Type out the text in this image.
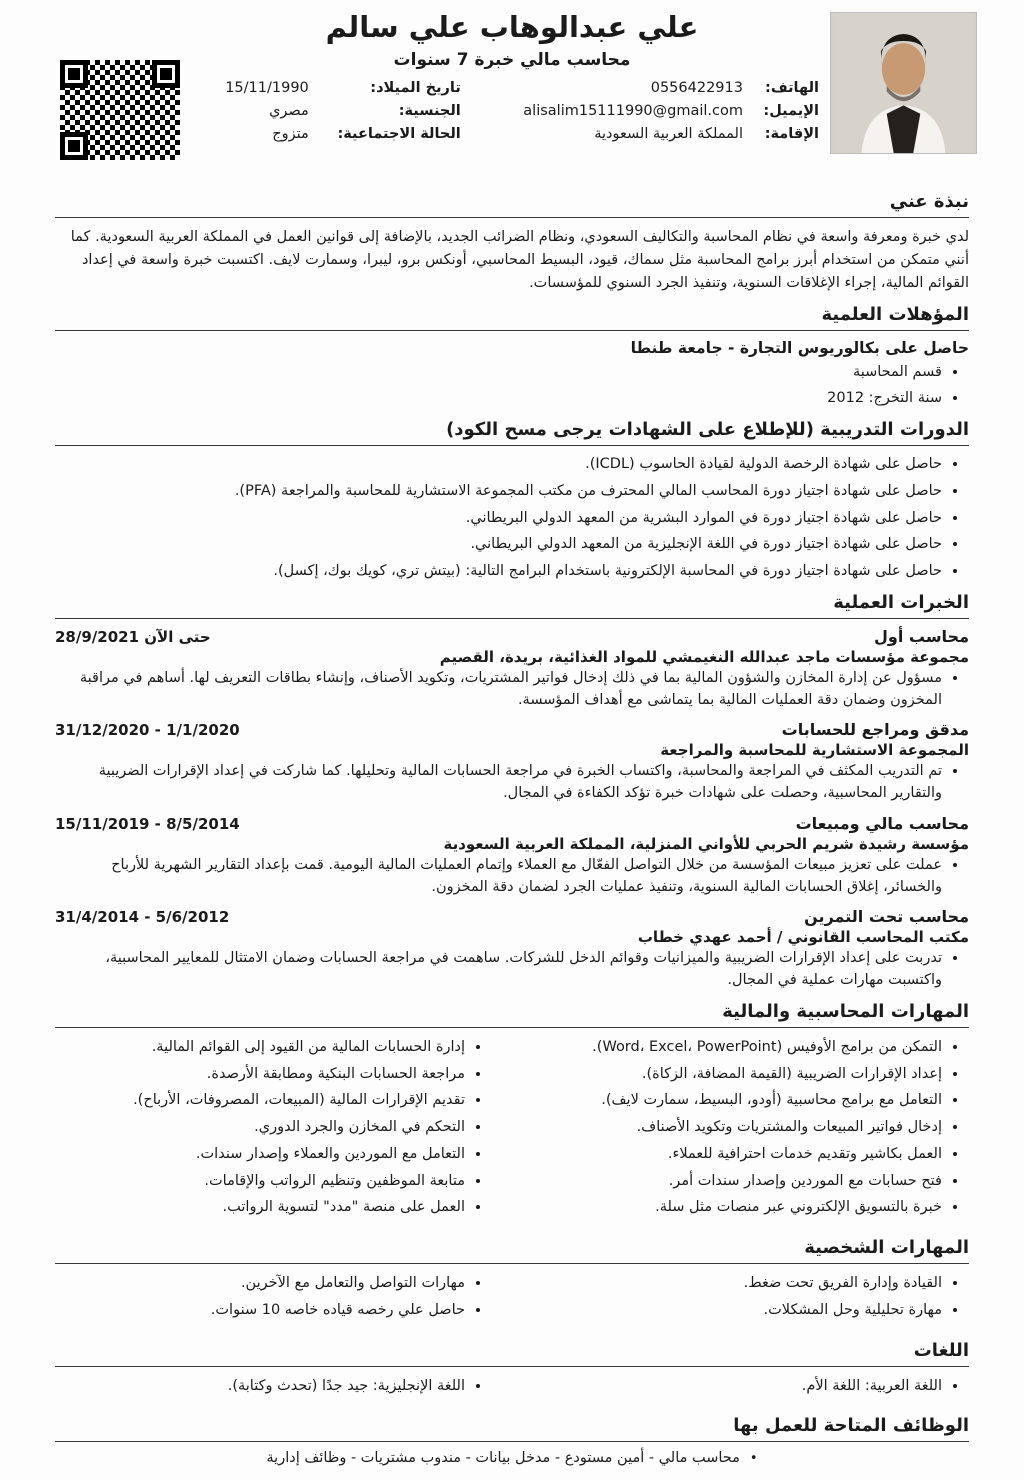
علي عبدالوهاب علي سالم
محاسب مالي خبرة 7 سنوات
الهاتف:
0556422913
الإيميل:
alisalim15111990@gmail.com
الإقامة:
المملكة العربية السعودية
تاريخ الميلاد:
15/11/1990
الجنسية:
مصري
الحالة الاجتماعية:
متزوج
نبذة عني

لدي خبرة ومعرفة واسعة في نظام المحاسبة والتكاليف السعودي، ونظام الضرائب الجديد، بالإضافة إلى قوانين العمل في المملكة العربية السعودية. كما أنني متمكن من استخدام أبرز برامج المحاسبة مثل سماك، قيود، البسيط المحاسبي، أونكس برو، ليبرا، وسمارت لايف. اكتسبت خبرة واسعة في إعداد القوائم المالية، إجراء الإغلاقات السنوية، وتنفيذ الجرد السنوي للمؤسسات.

المؤهلات العلمية
حاصل على بكالوريوس التجارة - جامعة طنطا
• قسم المحاسبة
• سنة التخرج: 2012
الدورات التدريبية (للإطلاع على الشهادات يرجى مسح الكود)
• حاصل على شهادة الرخصة الدولية لقيادة الحاسوب (ICDL).
• حاصل على شهادة اجتياز دورة المحاسب المالي المحترف من مكتب المجموعة الاستشارية للمحاسبة والمراجعة (PFA).
• حاصل على شهادة اجتياز دورة في الموارد البشرية من المعهد الدولي البريطاني.
• حاصل على شهادة اجتياز دورة في اللغة الإنجليزية من المعهد الدولي البريطاني.
• حاصل على شهادة اجتياز دورة في المحاسبة الإلكترونية باستخدام البرامج التالية: (بيتش تري، كويك بوك، إكسل).
الخبرات العملية
محاسب أول
28/9/2021 حتى الآن
مجموعة مؤسسات ماجد عبدالله النغيمشي للمواد الغذائية، بريدة، القصيم
• مسؤول عن إدارة المخازن والشؤون المالية بما في ذلك إدخال فواتير المشتريات، وتكويد الأصناف، وإنشاء بطاقات التعريف لها. أساهم في مراقبة المخزون وضمان دقة العمليات المالية بما يتماشى مع أهداف المؤسسة.
مدقق ومراجع للحسابات
31/12/2020 - 1/1/2020
المجموعة الاستشارية للمحاسبة والمراجعة
• تم التدريب المكثف في المراجعة والمحاسبة، واكتساب الخبرة في مراجعة الحسابات المالية وتحليلها. كما شاركت في إعداد الإقرارات الضريبية والتقارير المحاسبية، وحصلت على شهادات خبرة تؤكد الكفاءة في المجال.
محاسب مالي ومبيعات
15/11/2019 - 8/5/2014
مؤسسة رشيدة شريم الحربي للأواني المنزلية، المملكة العربية السعودية
• عملت على تعزيز مبيعات المؤسسة من خلال التواصل الفعّال مع العملاء وإتمام العمليات المالية اليومية. قمت بإعداد التقارير الشهرية للأرباح والخسائر، إغلاق الحسابات المالية السنوية، وتنفيذ عمليات الجرد لضمان دقة المخزون.
محاسب تحت التمرين
31/4/2014 - 5/6/2012
مكتب المحاسب القانوني / أحمد عهدي خطاب
• تدربت على إعداد الإقرارات الضريبية والميزانيات وقوائم الدخل للشركات. ساهمت في مراجعة الحسابات وضمان الامتثال للمعايير المحاسبية، واكتسبت مهارات عملية في المجال.
المهارات المحاسبية والمالية
• التمكن من برامج الأوفيس (Word، Excel، PowerPoint).
• إعداد الإقرارات الضريبية (القيمة المضافة، الزكاة).
• التعامل مع برامج محاسبية (أودو، البسيط، سمارت لايف).
• إدخال فواتير المبيعات والمشتريات وتكويد الأصناف.
• العمل بكاشير وتقديم خدمات احترافية للعملاء.
• فتح حسابات مع الموردين وإصدار سندات أمر.
• خبرة بالتسويق الإلكتروني عبر منصات مثل سلة.
• إدارة الحسابات المالية من القيود إلى القوائم المالية.
• مراجعة الحسابات البنكية ومطابقة الأرصدة.
• تقديم الإقرارات المالية (المبيعات، المصروفات، الأرباح).
• التحكم في المخازن والجرد الدوري.
• التعامل مع الموردين والعملاء وإصدار سندات.
• متابعة الموظفين وتنظيم الرواتب والإقامات.
• العمل على منصة "مدد" لتسوية الرواتب.
المهارات الشخصية
• القيادة وإدارة الفريق تحت ضغط.
• مهارة تحليلية وحل المشكلات.
• مهارات التواصل والتعامل مع الآخرين.
• حاصل علي رخصه قياده خاصه 10 سنوات.
اللغات
• اللغة العربية: اللغة الأم.
• اللغة الإنجليزية: جيد جدًا (تحدث وكتابة).
الوظائف المتاحة للعمل بها
•محاسب مالي - أمين مستودع - مدخل بيانات - مندوب مشتريات - وظائف إدارية
